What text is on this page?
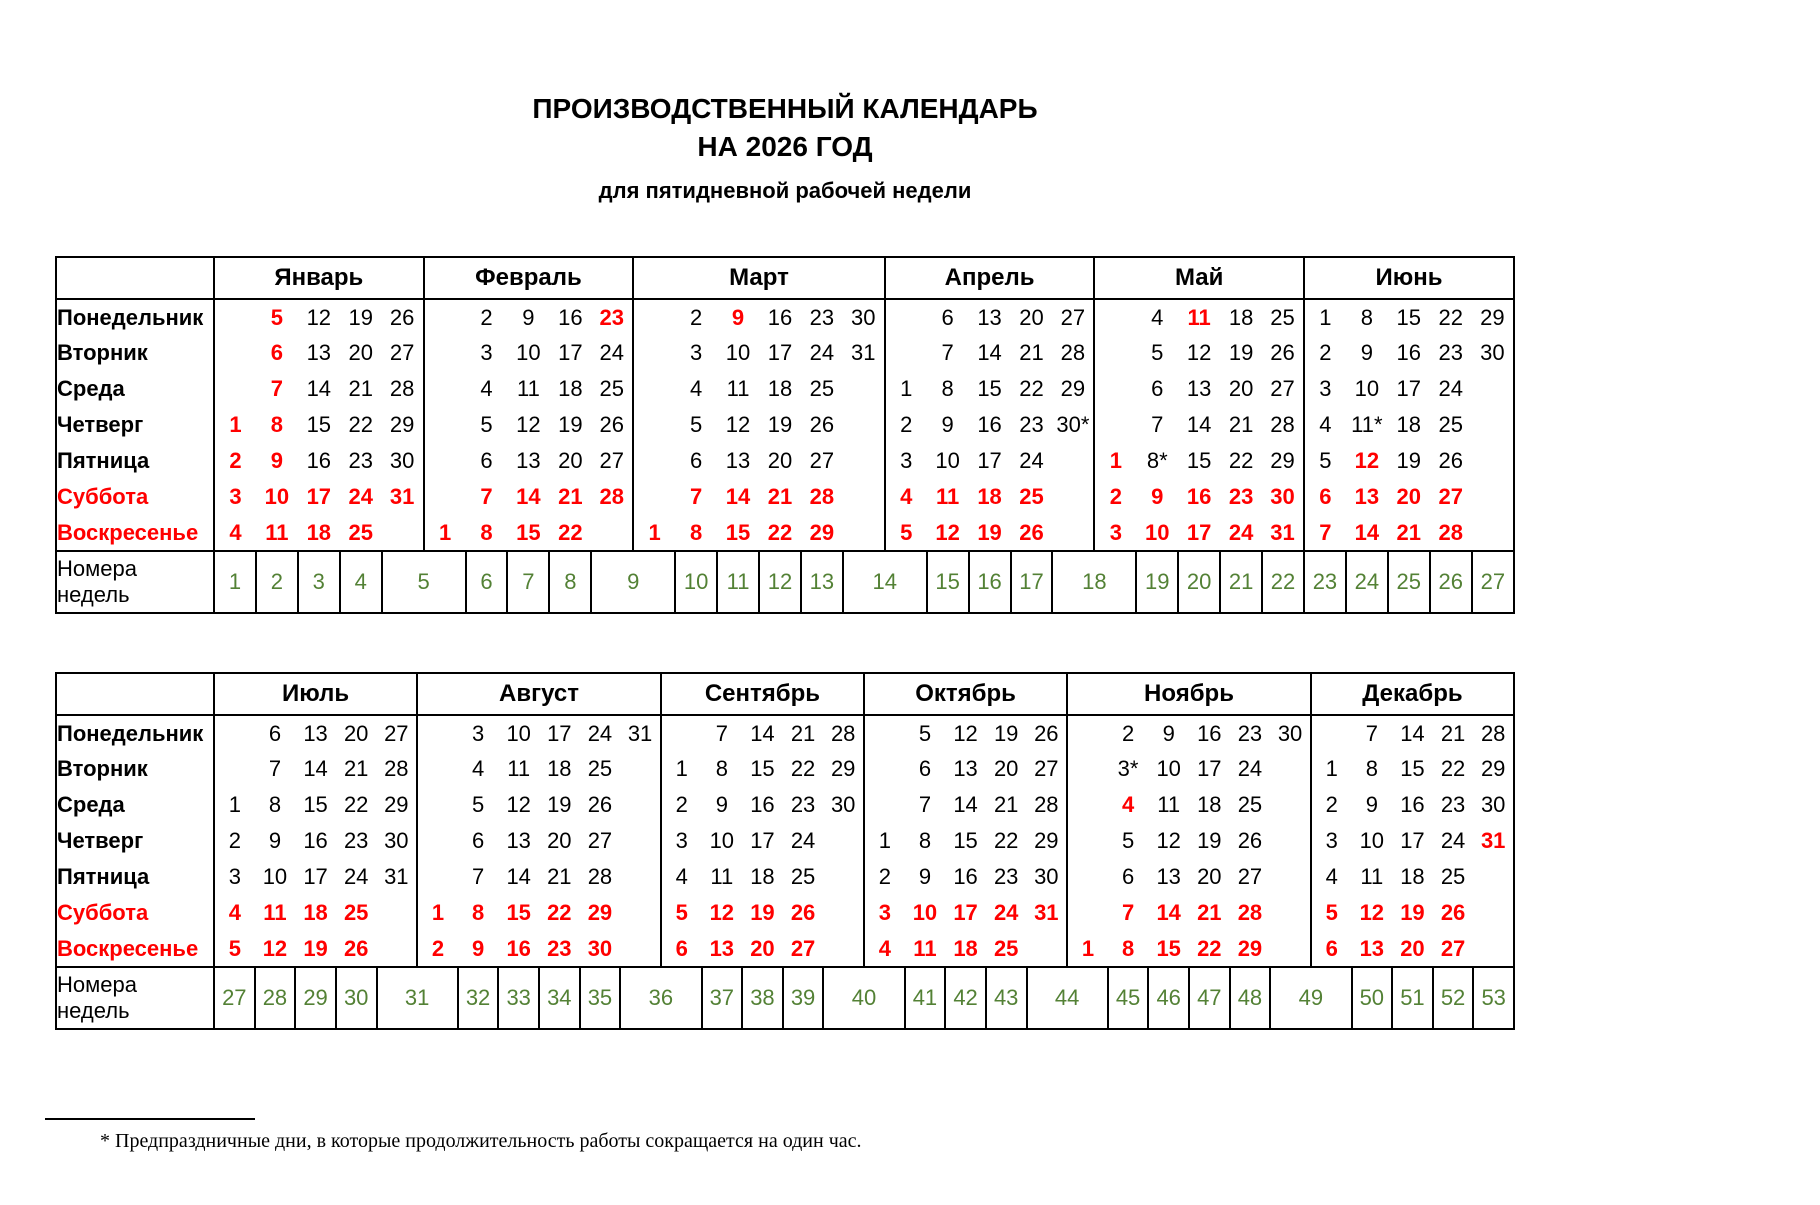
ПРОИЗВОДСТВЕННЫЙ КАЛЕНДАРЬ
НА 2026 ГОД
для пятидневной рабочей недели
	Январь					Февраль					Март						Апрель					Май					Июнь				
Понедельник		5	12	19	26		2	9	16	23		2	9	16	23	30		6	13	20	27		4	11	18	25	1	8	15	22	29
Вторник		6	13	20	27		3	10	17	24		3	10	17	24	31		7	14	21	28		5	12	19	26	2	9	16	23	30
Среда		7	14	21	28		4	11	18	25		4	11	18	25		1	8	15	22	29		6	13	20	27	3	10	17	24	
Четверг	1	8	15	22	29		5	12	19	26		5	12	19	26		2	9	16	23	30*		7	14	21	28	4	11*	18	25	
Пятница	2	9	16	23	30		6	13	20	27		6	13	20	27		3	10	17	24		1	8*	15	22	29	5	12	19	26	
Суббота	3	10	17	24	31		7	14	21	28		7	14	21	28		4	11	18	25		2	9	16	23	30	6	13	20	27	
Воскресенье	4	11	18	25		1	8	15	22		1	8	15	22	29		5	12	19	26		3	10	17	24	31	7	14	21	28	
Номера недель	1	2	3	4	5		6	7	8	9		10	11	12	13	14		15	16	17	18		19	20	21	22	23	24	25	26	27
	Июль					Август						Сентябрь					Октябрь					Ноябрь						Декабрь				
Понедельник		6	13	20	27		3	10	17	24	31		7	14	21	28		5	12	19	26		2	9	16	23	30		7	14	21	28
Вторник		7	14	21	28		4	11	18	25		1	8	15	22	29		6	13	20	27		3*	10	17	24		1	8	15	22	29
Среда	1	8	15	22	29		5	12	19	26		2	9	16	23	30		7	14	21	28		4	11	18	25		2	9	16	23	30
Четверг	2	9	16	23	30		6	13	20	27		3	10	17	24		1	8	15	22	29		5	12	19	26		3	10	17	24	31
Пятница	3	10	17	24	31		7	14	21	28		4	11	18	25		2	9	16	23	30		6	13	20	27		4	11	18	25	
Суббота	4	11	18	25		1	8	15	22	29		5	12	19	26		3	10	17	24	31		7	14	21	28		5	12	19	26	
Воскресенье	5	12	19	26		2	9	16	23	30		6	13	20	27		4	11	18	25		1	8	15	22	29		6	13	20	27	
Номера недель	27	28	29	30	31		32	33	34	35	36		37	38	39	40		41	42	43	44		45	46	47	48	49		50	51	52	53
* Предпраздничные дни, в которые продолжительность работы сокращается на один час.
